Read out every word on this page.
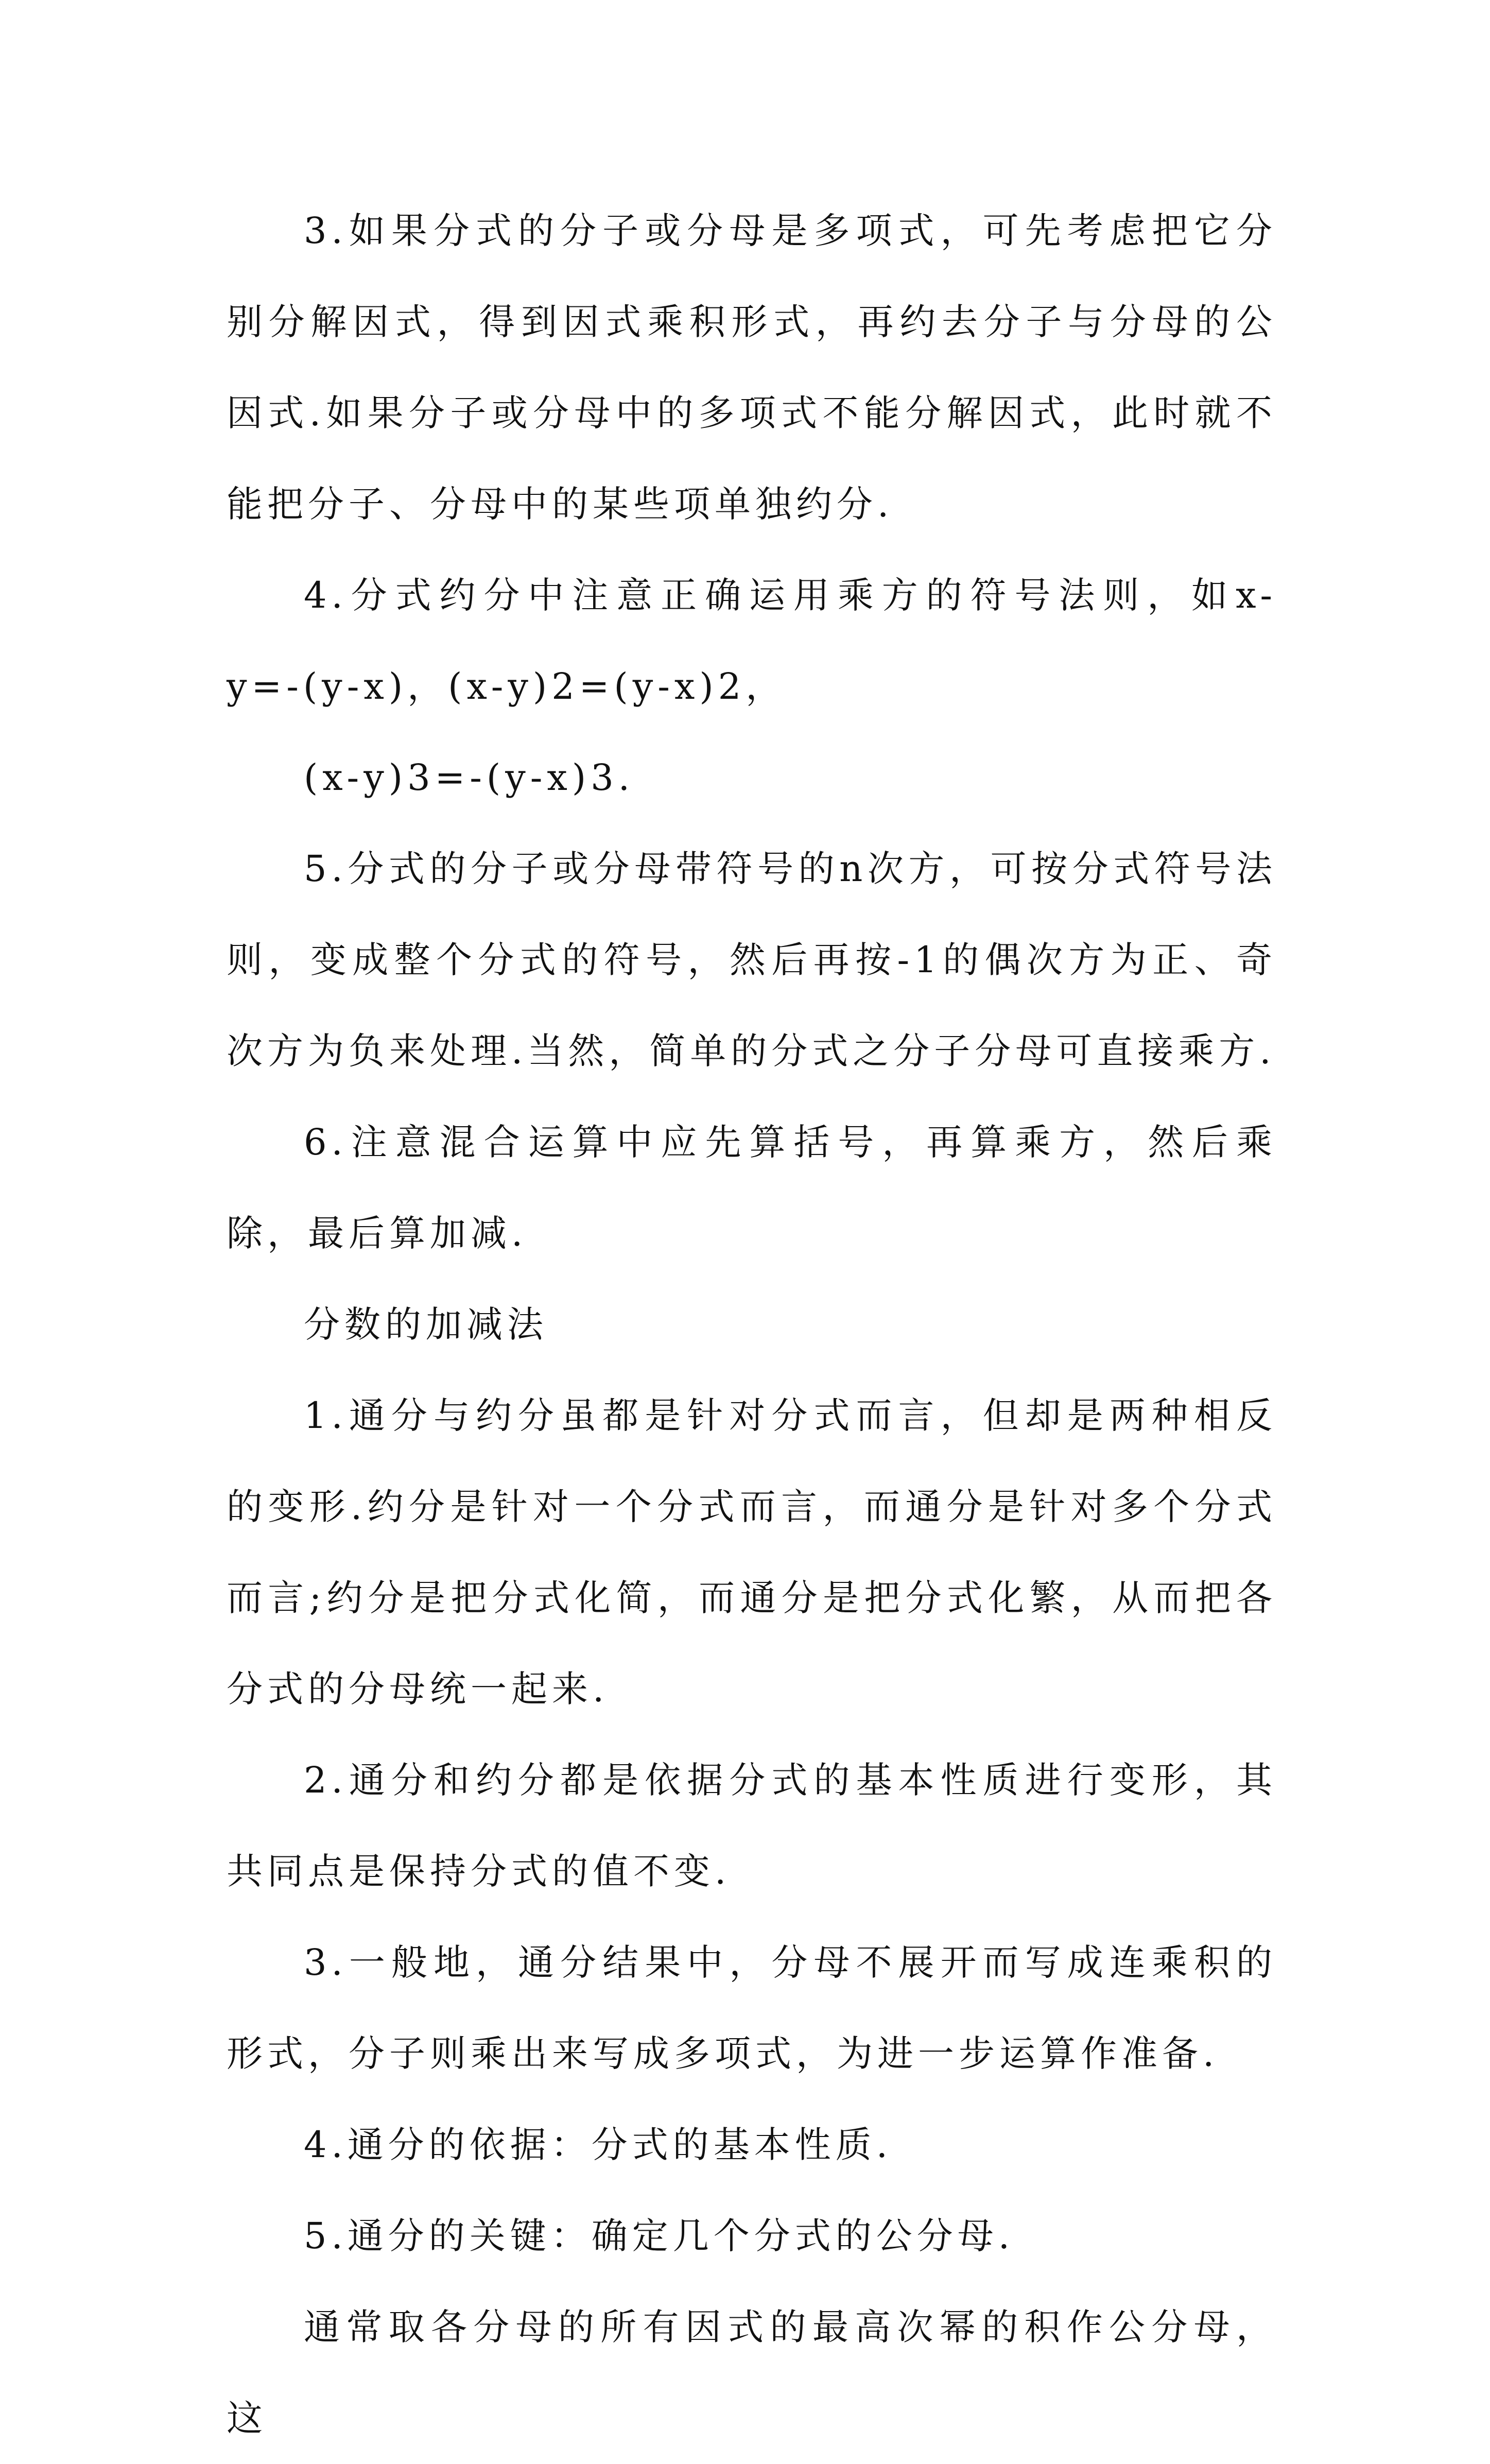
3.如果分式的分子或分母是多项式，可先考虑把它分别分解因式，得到因式乘积形式，再约去分子与分母的公因式.如果分子或分母中的多项式不能分解因式，此时就不能把分子、分母中的某些项单独约分.

4.分式约分中注意正确运用乘方的符号法则，如x-y=-(y-x)，(x-y)2=(y-x)2，

(x-y)3=-(y-x)3.

5.分式的分子或分母带符号的n次方，可按分式符号法则，变成整个分式的符号，然后再按-1的偶次方为正、奇次方为负来处理.当然，简单的分式之分子分母可直接乘方.

6.注意混合运算中应先算括号，再算乘方，然后乘除，最后算加减.

分数的加减法

1.通分与约分虽都是针对分式而言，但却是两种相反的变形.约分是针对一个分式而言，而通分是针对多个分式而言;约分是把分式化简，而通分是把分式化繁，从而把各分式的分母统一起来.

2.通分和约分都是依据分式的基本性质进行变形，其共同点是保持分式的值不变.

3.一般地，通分结果中，分母不展开而写成连乘积的形式，分子则乘出来写成多项式，为进一步运算作准备.

4.通分的依据：分式的基本性质.

5.通分的关键：确定几个分式的公分母.

通常取各分母的所有因式的最高次幂的积作公分母，这
